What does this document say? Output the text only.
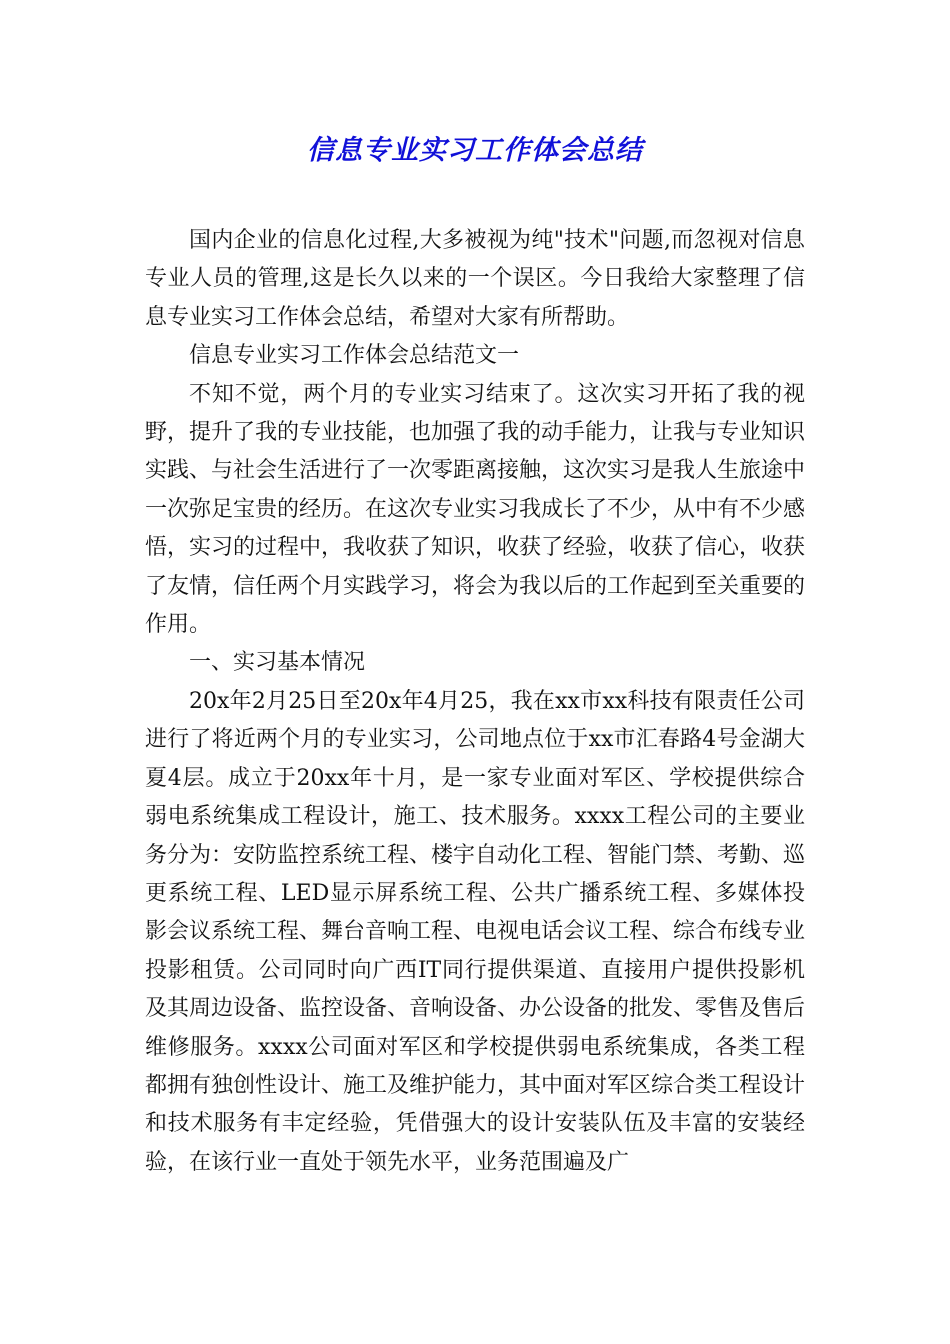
信息专业实习工作体会总结

国内企业的信息化过程,大多被视为纯"技术"问题,而忽视对信息专业人员的管理,这是长久以来的一个误区。今日我给大家整理了信息专业实习工作体会总结，希望对大家有所帮助。

信息专业实习工作体会总结范文一

不知不觉，两个月的专业实习结束了。这次实习开拓了我的视野，提升了我的专业技能，也加强了我的动手能力，让我与专业知识实践、与社会生活进行了一次零距离接触，这次实习是我人生旅途中一次弥足宝贵的经历。在这次专业实习我成长了不少，从中有不少感悟，实习的过程中，我收获了知识，收获了经验，收获了信心，收获了友情，信任两个月实践学习，将会为我以后的工作起到至关重要的作用。

一、实习基本情况

20x年2月25日至20x年4月25，我在xx市xx科技有限责任公司进行了将近两个月的专业实习，公司地点位于xx市汇春路4号金湖大夏4层。成立于20xx年十月，是一家专业面对军区、学校提供综合弱电系统集成工程设计，施工、技术服务。xxxx工程公司的主要业务分为：安防监控系统工程、楼宇自动化工程、智能门禁、考勤、巡更系统工程、LED显示屏系统工程、公共广播系统工程、多媒体投影会议系统工程、舞台音响工程、电视电话会议工程、综合布线专业投影租赁。公司同时向广西IT同行提供渠道、直接用户提供投影机及其周边设备、监控设备、音响设备、办公设备的批发、零售及售后维修服务。xxxx公司面对军区和学校提供弱电系统集成，各类工程都拥有独创性设计、施工及维护能力，其中面对军区综合类工程设计和技术服务有丰定经验，凭借强大的设计安装队伍及丰富的安装经验，在该行业一直处于领先水平，业务范围遍及广
